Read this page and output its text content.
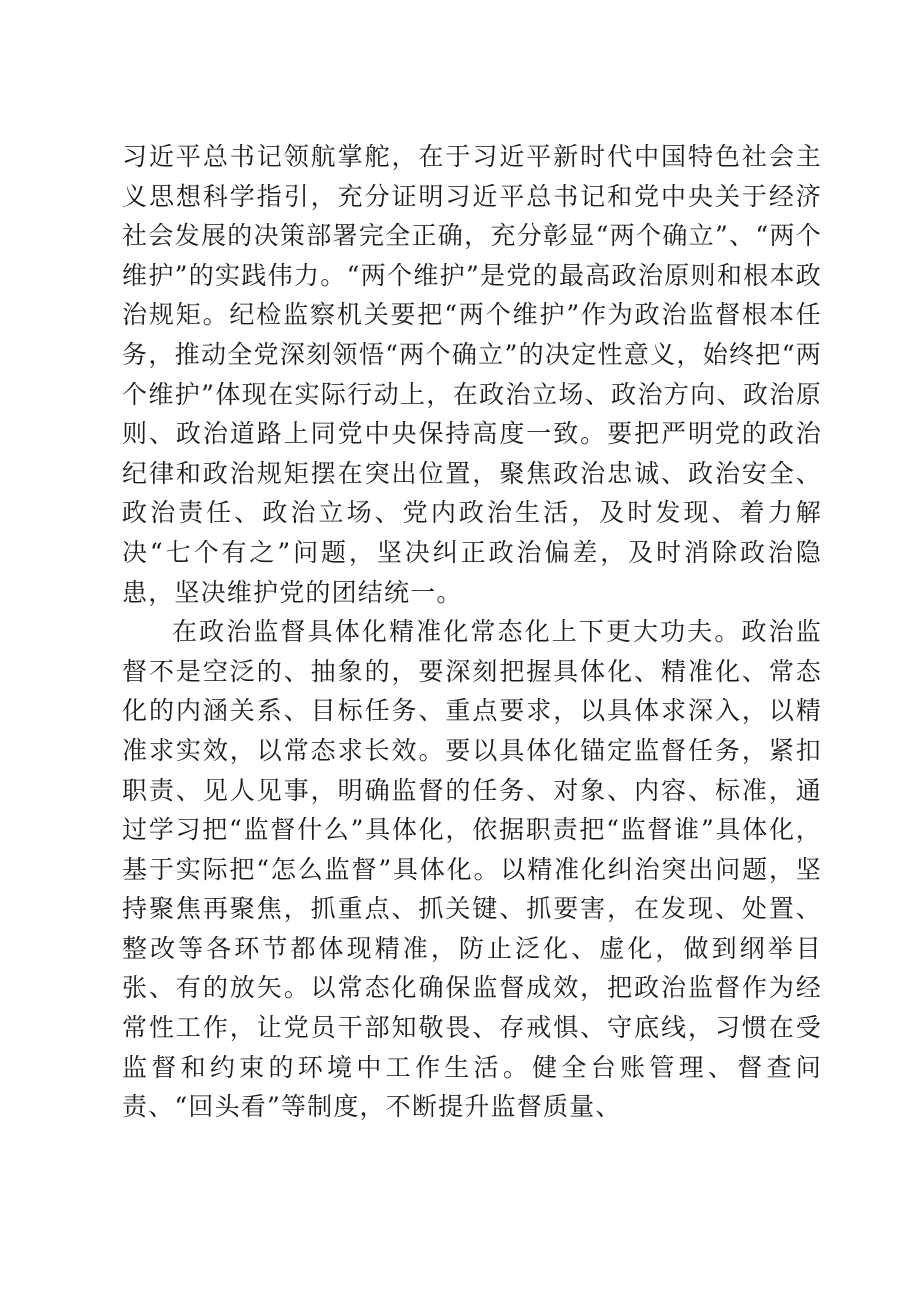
习近平总书记领航掌舵，在于习近平新时代中国特色社会主义思想科学指引，充分证明习近平总书记和党中央关于经济社会发展的决策部署完全正确，充分彰显“两个确立”、“两个维护”的实践伟力。“两个维护”是党的最高政治原则和根本政治规矩。纪检监察机关要把“两个维护”作为政治监督根本任务，推动全党深刻领悟“两个确立”的决定性意义，始终把“两个维护”体现在实际行动上，在政治立场、政治方向、政治原则、政治道路上同党中央保持高度一致。要把严明党的政治纪律和政治规矩摆在突出位置，聚焦政治忠诚、政治安全、政治责任、政治立场、党内政治生活，及时发现、着力解决“七个有之”问题，坚决纠正政治偏差，及时消除政治隐患，坚决维护党的团结统一。

在政治监督具体化精准化常态化上下更大功夫。政治监督不是空泛的、抽象的，要深刻把握具体化、精准化、常态化的内涵关系、目标任务、重点要求，以具体求深入，以精准求实效，以常态求长效。要以具体化锚定监督任务，紧扣职责、见人见事，明确监督的任务、对象、内容、标准，通过学习把“监督什么”具体化，依据职责把“监督谁”具体化，基于实际把“怎么监督”具体化。以精准化纠治突出问题，坚持聚焦再聚焦，抓重点、抓关键、抓要害，在发现、处置、整改等各环节都体现精准，防止泛化、虚化，做到纲举目张、有的放矢。以常态化确保监督成效，把政治监督作为经常性工作，让党员干部知敬畏、存戒惧、守底线，习惯在受监督和约束的环境中工作生活。健全台账管理、督查问责、“回头看”等制度，不断提升监督质量、
